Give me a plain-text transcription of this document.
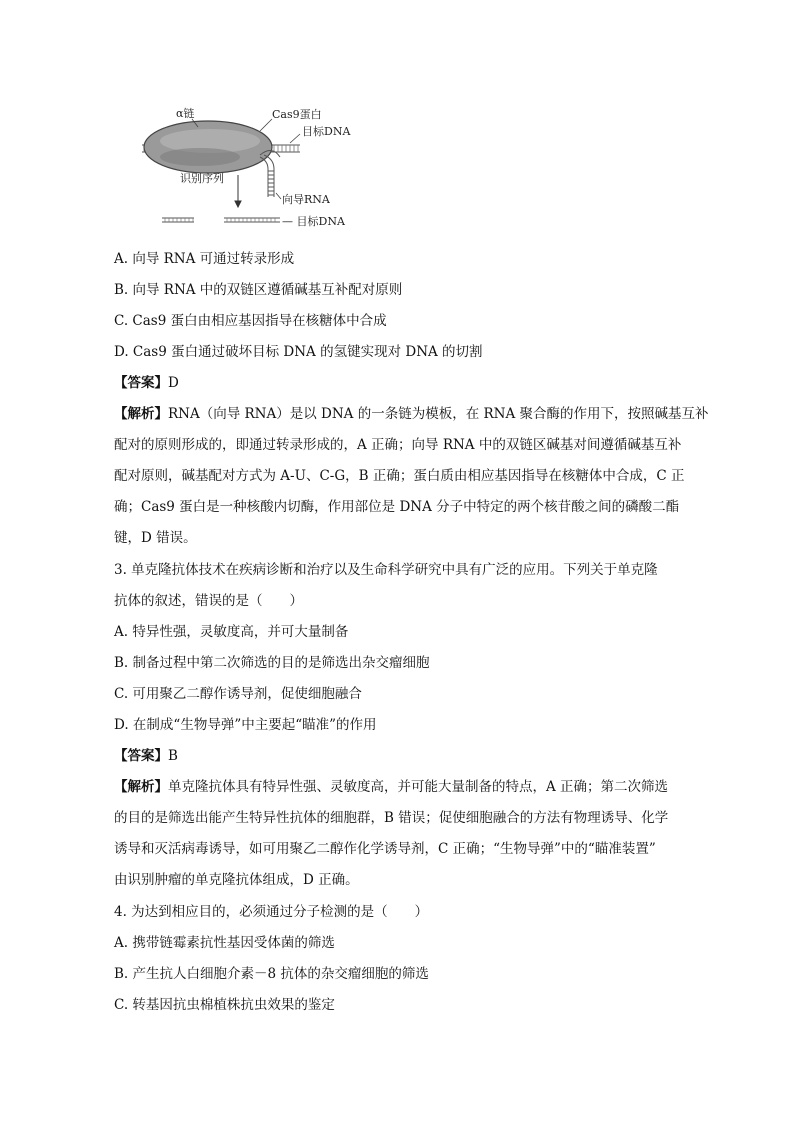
α链	Cas9蛋白
目标DNA
识别序列
向导RNA
— 目标DNA
A. 向导 RNA 可通过转录形成
B. 向导 RNA 中的双链区遵循碱基互补配对原则
C. Cas9 蛋白由相应基因指导在核糖体中合成
D. Cas9 蛋白通过破坏目标 DNA 的氢键实现对 DNA 的切割
【答案】D
【解析】RNA（向导 RNA）是以 DNA 的一条链为模板，在 RNA 聚合酶的作用下，按照碱基互补
配对的原则形成的，即通过转录形成的，A 正确；向导 RNA 中的双链区碱基对间遵循碱基互补
配对原则，碱基配对方式为 A-U、C-G，B 正确；蛋白质由相应基因指导在核糖体中合成，C 正
确；Cas9 蛋白是一种核酸内切酶，作用部位是 DNA 分子中特定的两个核苷酸之间的磷酸二酯
键，D 错误。
3. 单克隆抗体技术在疾病诊断和治疗以及生命科学研究中具有广泛的应用。下列关于单克隆
抗体的叙述，错误的是（　　）
A. 特异性强，灵敏度高，并可大量制备
B. 制备过程中第二次筛选的目的是筛选出杂交瘤细胞
C. 可用聚乙二醇作诱导剂，促使细胞融合
D. 在制成“生物导弹”中主要起“瞄准”的作用
【答案】B
【解析】单克隆抗体具有特异性强、灵敏度高，并可能大量制备的特点，A 正确；第二次筛选
的目的是筛选出能产生特异性抗体的细胞群，B 错误；促使细胞融合的方法有物理诱导、化学
诱导和灭活病毒诱导，如可用聚乙二醇作化学诱导剂，C 正确；“生物导弹”中的“瞄准装置”
由识别肿瘤的单克隆抗体组成，D 正确。
4. 为达到相应目的，必须通过分子检测的是（　　）
A. 携带链霉素抗性基因受体菌的筛选
B. 产生抗人白细胞介素－8 抗体的杂交瘤细胞的筛选
C. 转基因抗虫棉植株抗虫效果的鉴定
